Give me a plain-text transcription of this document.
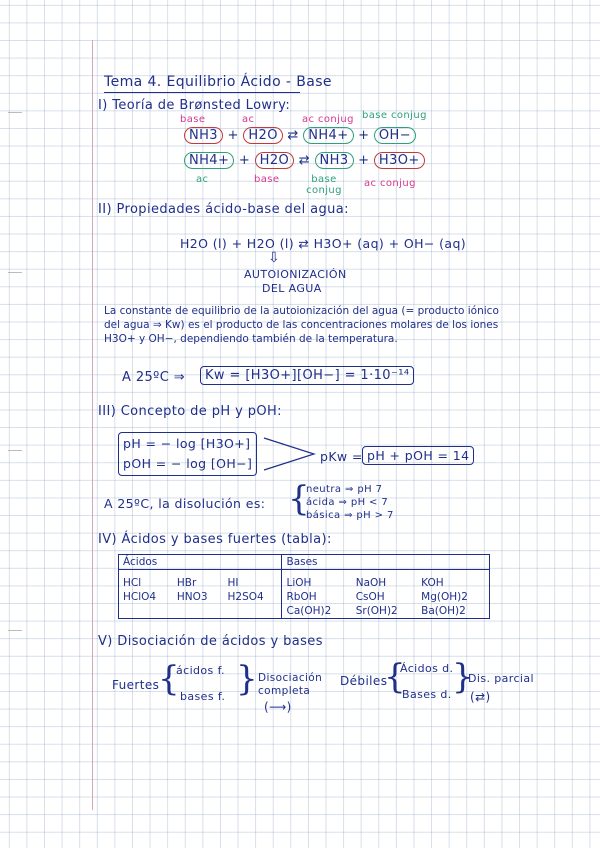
Tema 4. Equilibrio Ácido - Base
I) Teoría de Brønsted Lowry:
base	ac	ac conjug base conjug
NH3 + H2O ⇄ NH4+ + OH−
NH4+ + H2O ⇄ NH3 + H3O+
ac	base	base conjug
ac conjug
II) Propiedades ácido-base del agua:
H2O (l) + H2O (l) ⇄ H3O+ (aq) + OH− (aq)
⇩
AUTOIONIZACIÓN
DEL AGUA
La constante de equilibrio de la autoionización del agua (= producto iónico del agua ⇒ Kw) es el producto de las concentraciones molares de los iones H3O+ y OH−, dependiendo también de la temperatura.
A 25ºC ⇒	Kw = [H3O+][OH−] = 1·10⁻¹⁴
III) Concepto de pH y pOH:
pH = − log [H3O+]
pOH = − log [OH−]	pKw = pH + pOH = 14
A 25ºC, la disolución es: {
neutra ⇒ pH 7
ácida ⇒ pH < 7
básica ⇒ pH > 7
IV) Ácidos y bases fuertes (tabla):
Ácidos			Bases		

HCl	HBr	HI	LiOH	NaOH	KOH
HClO4	HNO3	H2SO4	RbOH	CsOH	Mg(OH)2
			Ca(OH)2	Sr(OH)2	Ba(OH)2
V) Disociación de ácidos y bases
Fuertes
{
ácidos f.
bases f. } Disociación completa
(⟶)
Débiles
{
Ácidos d.
Bases d. }
Dis. parcial
(⇄)
